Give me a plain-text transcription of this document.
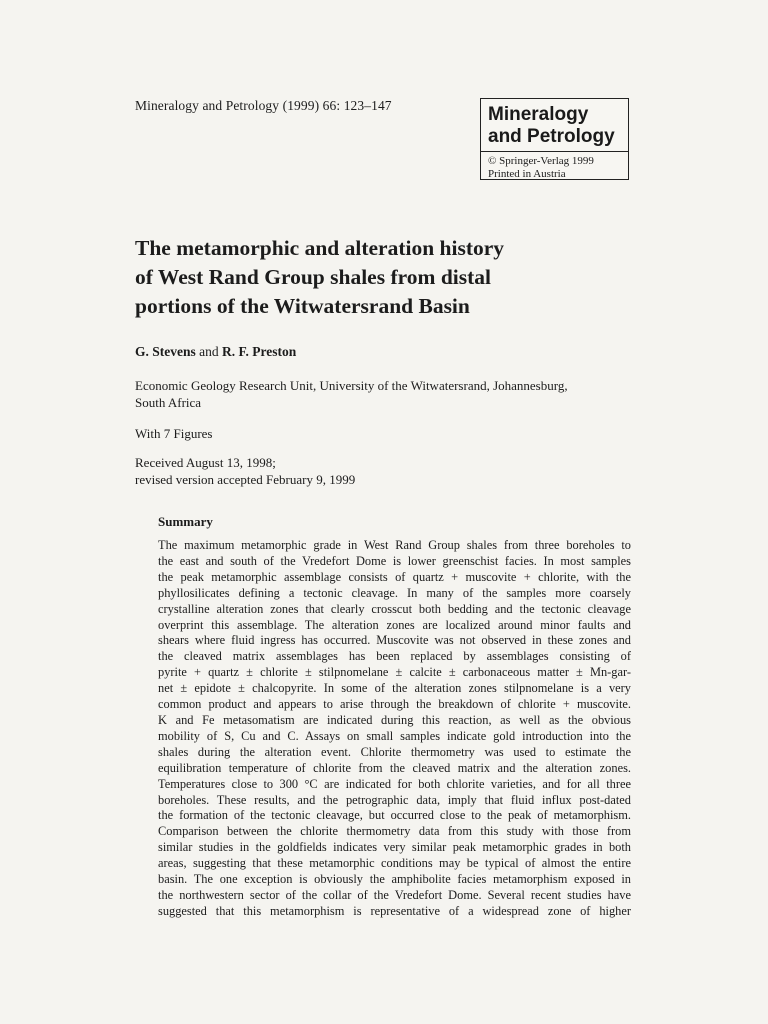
Mineralogy and Petrology (1999) 66: 123–147	Mineralogy
and Petrology
© Springer-Verlag 1999
Printed in Austria
The metamorphic and alteration history
of West Rand Group shales from distal
portions of the Witwatersrand Basin
G. Stevens and R. F. Preston
Economic Geology Research Unit, University of the Witwatersrand, Johannesburg,
South Africa
With 7 Figures
Received August 13, 1998;
revised version accepted February 9, 1999
Summary
The maximum metamorphic grade in West Rand Group shales from three boreholes to
the east and south of the Vredefort Dome is lower greenschist facies. In most samples
the peak metamorphic assemblage consists of quartz + muscovite + chlorite, with the
phyllosilicates defining a tectonic cleavage. In many of the samples more coarsely
crystalline alteration zones that clearly crosscut both bedding and the tectonic cleavage
overprint this assemblage. The alteration zones are localized around minor faults and
shears where fluid ingress has occurred. Muscovite was not observed in these zones and
the cleaved matrix assemblages has been replaced by assemblages consisting of
pyrite + quartz ± chlorite ± stilpnomelane ± calcite ± carbonaceous matter ± Mn-gar-
net ± epidote ± chalcopyrite. In some of the alteration zones stilpnomelane is a very
common product and appears to arise through the breakdown of chlorite + muscovite.
K and Fe metasomatism are indicated during this reaction, as well as the obvious
mobility of S, Cu and C. Assays on small samples indicate gold introduction into the
shales during the alteration event. Chlorite thermometry was used to estimate the
equilibration temperature of chlorite from the cleaved matrix and the alteration zones.
Temperatures close to 300 °C are indicated for both chlorite varieties, and for all three
boreholes. These results, and the petrographic data, imply that fluid influx post-dated
the formation of the tectonic cleavage, but occurred close to the peak of metamorphism.
Comparison between the chlorite thermometry data from this study with those from
similar studies in the goldfields indicates very similar peak metamorphic grades in both
areas, suggesting that these metamorphic conditions may be typical of almost the entire
basin. The one exception is obviously the amphibolite facies metamorphism exposed in
the northwestern sector of the collar of the Vredefort Dome. Several recent studies have
suggested that this metamorphism is representative of a widespread zone of higher
